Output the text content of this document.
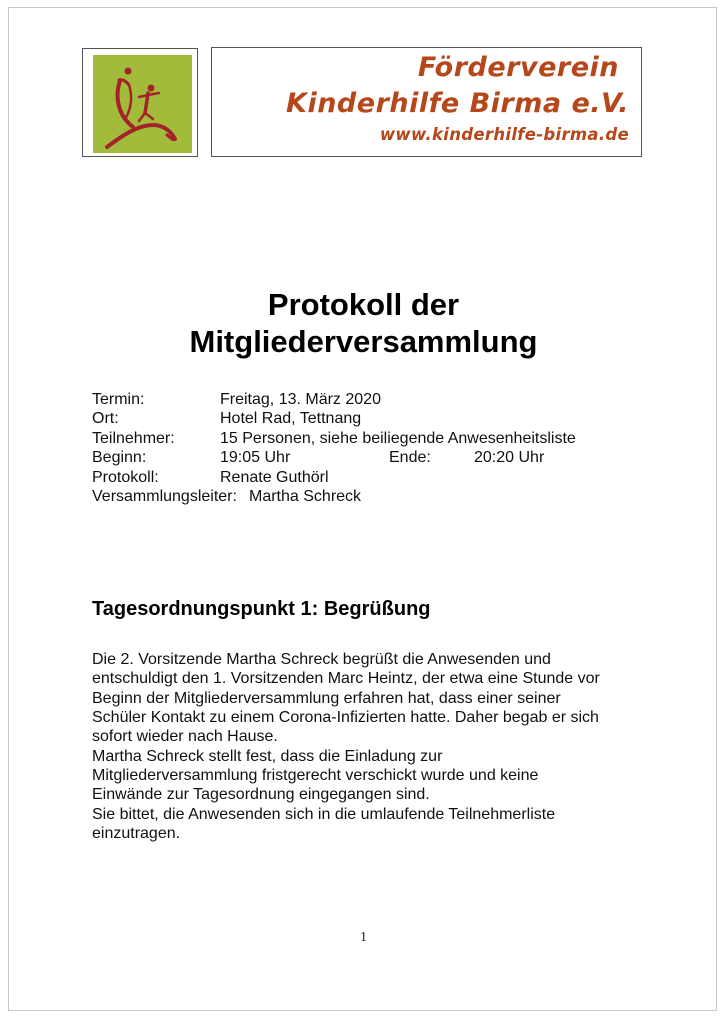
Förderverein
Kinderhilfe Birma e.V.
www.kinderhilfe-birma.de
Protokoll der
Mitgliederversammlung
Termin:	Freitag, 13. März 2020
Ort:	Hotel Rad, Tettnang
Teilnehmer:	15 Personen, siehe beiliegende Anwesenheitsliste
Beginn:	19:05 Uhr	Ende:	20:20 Uhr
Protokoll:	Renate Guthörl
Versammlungsleiter: Martha Schreck
Tagesordnungspunkt 1: Begrüßung
Die 2. Vorsitzende Martha Schreck begrüßt die Anwesenden und
entschuldigt den 1. Vorsitzenden Marc Heintz, der etwa eine Stunde vor
Beginn der Mitgliederversammlung erfahren hat, dass einer seiner
Schüler Kontakt zu einem Corona-Infizierten hatte. Daher begab er sich
sofort wieder nach Hause.
Martha Schreck stellt fest, dass die Einladung zur
Mitgliederversammlung fristgerecht verschickt wurde und keine
Einwände zur Tagesordnung eingegangen sind.
Sie bittet, die Anwesenden sich in die umlaufende Teilnehmerliste
einzutragen.
1
